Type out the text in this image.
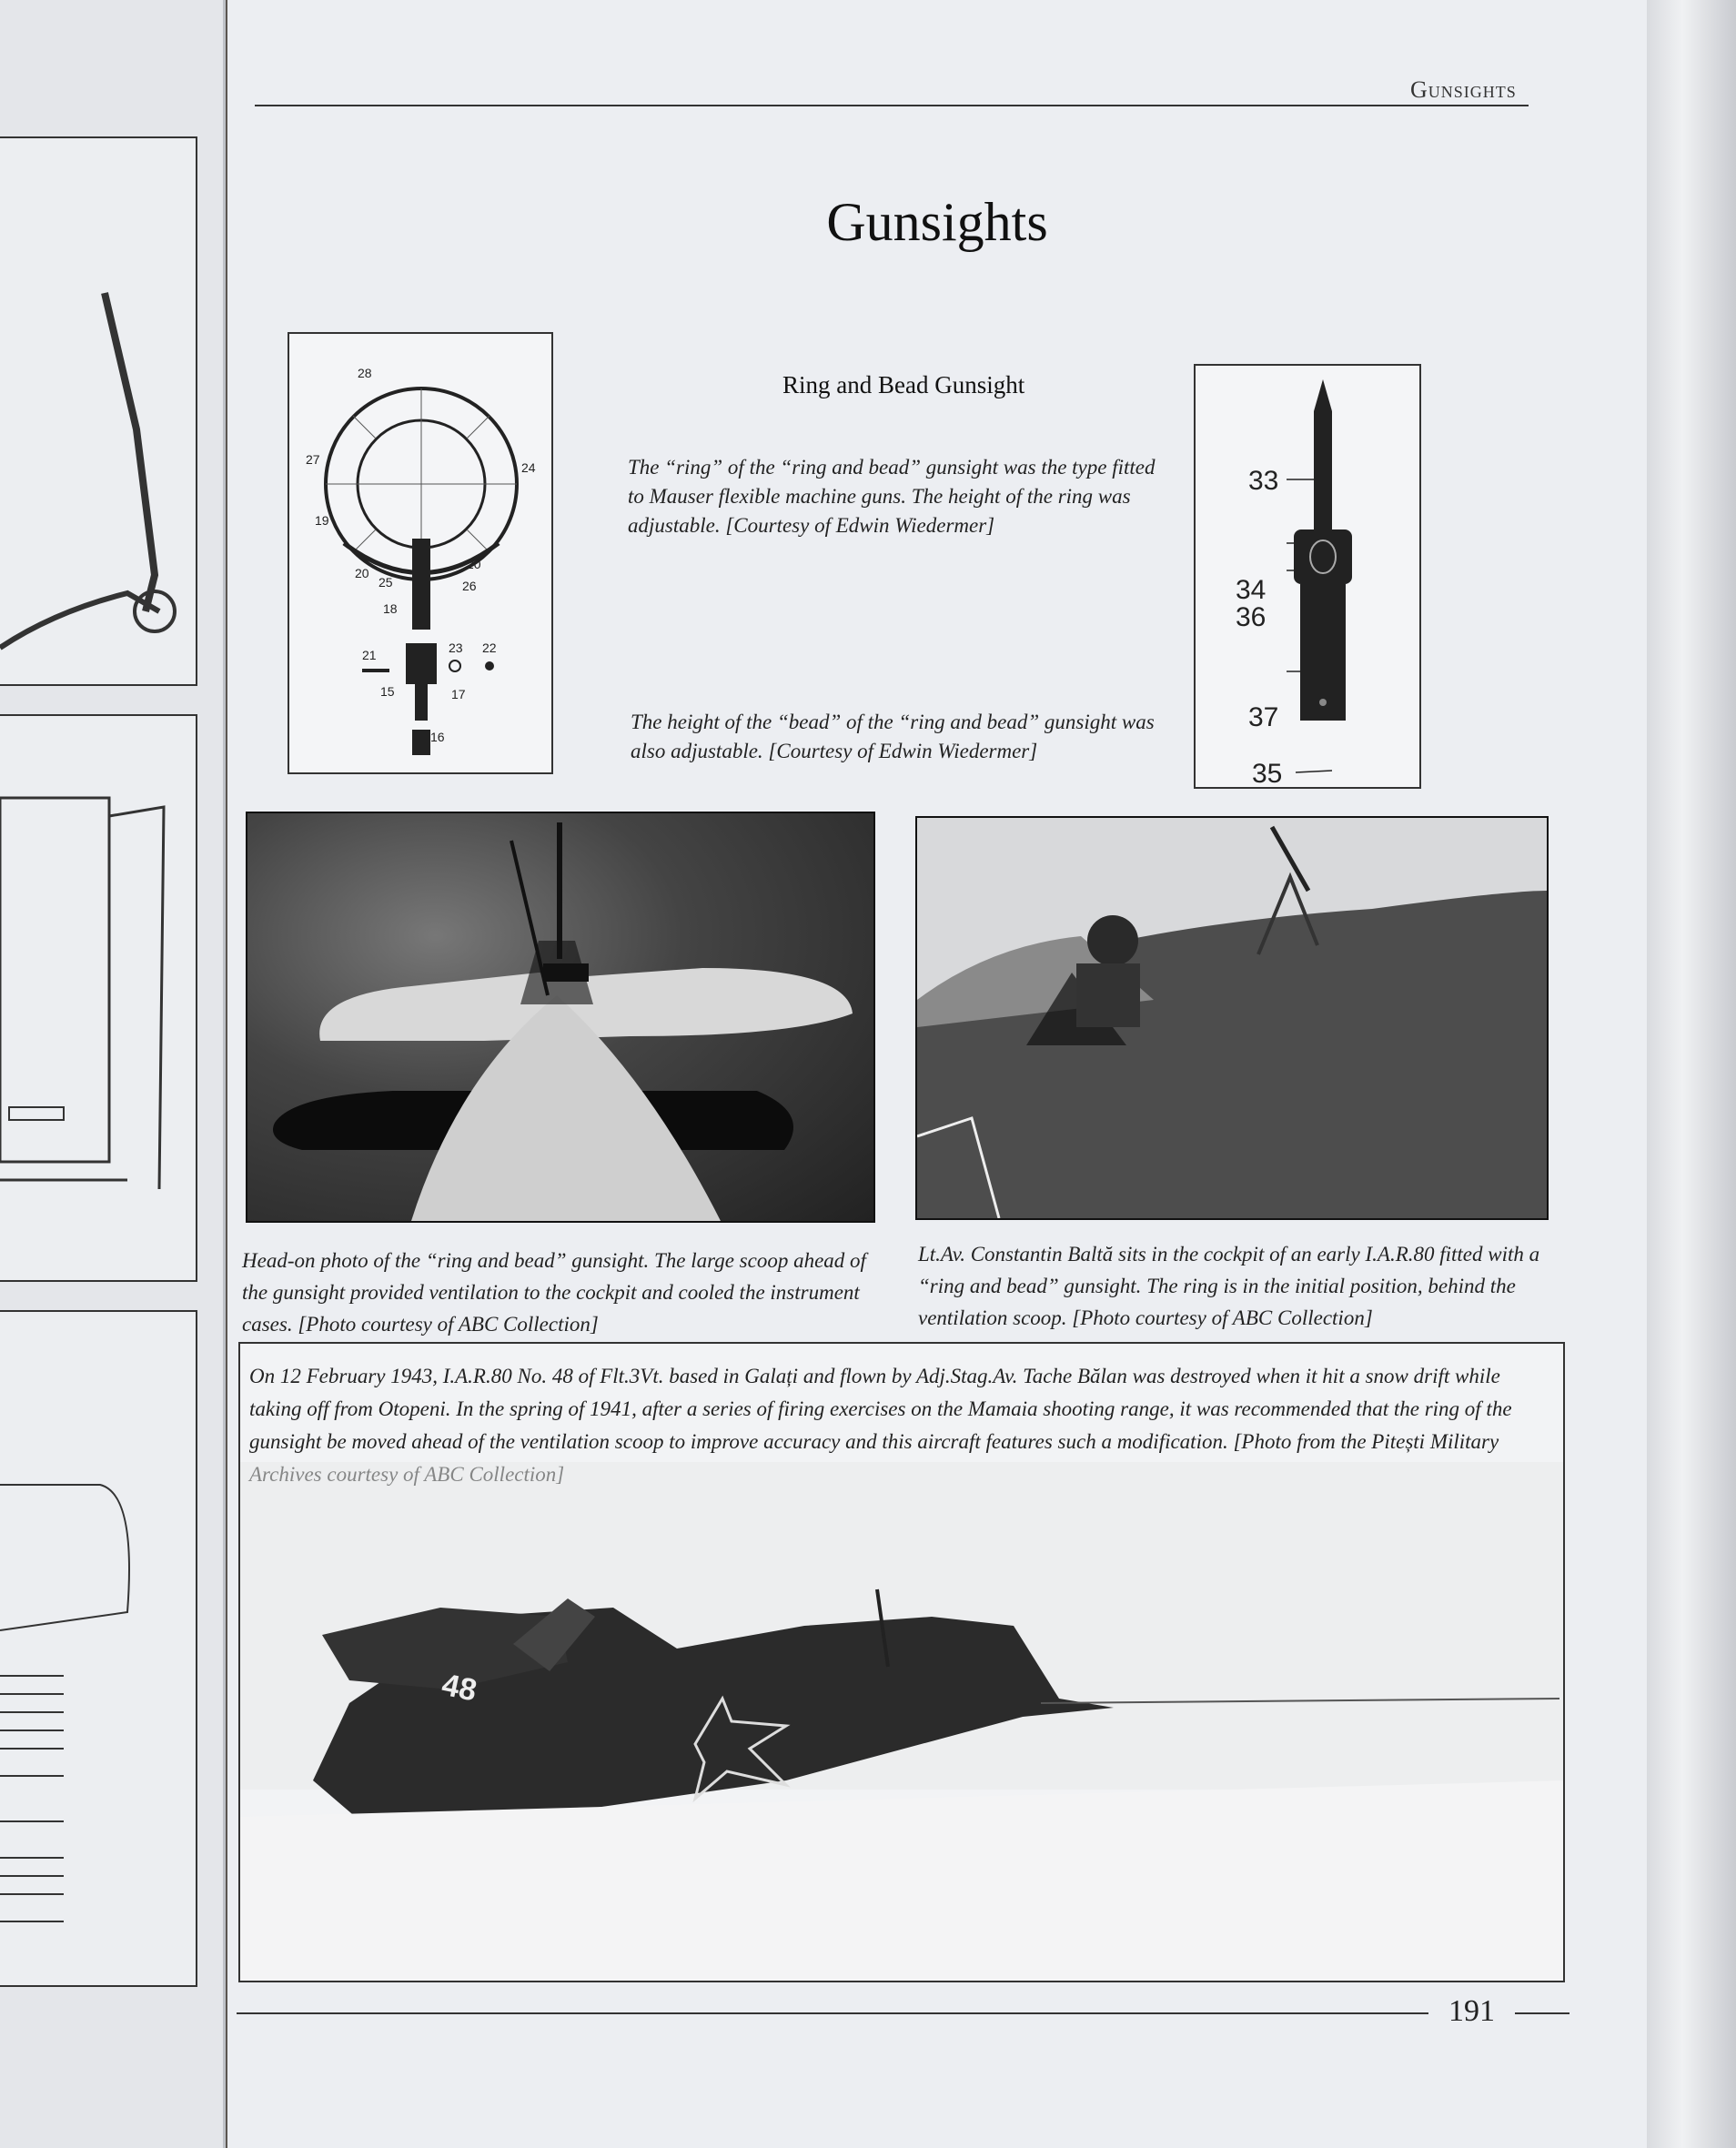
Gunsights
Gunsights
28
27
24
19
20
25
20
26
18
21	23 22
15	17
16
Ring and Bead Gunsight
The “ring” of the “ring and bead” gunsight was the type fitted to Mauser flexible machine guns. The height of the ring was adjustable. [Courtesy of Edwin Wiedermer]
The height of the “bead” of the “ring and bead” gunsight was also adjustable. [Courtesy of Edwin Wiedermer]
33
34
36
37
35
Head-on photo of the “ring and bead” gunsight. The large scoop ahead of the gunsight provided ventilation to the cockpit and cooled the instrument cases. [Photo courtesy of ABC Collection]
Lt.Av. Constantin Baltă sits in the cockpit of an early I.A.R.80 fitted with a “ring and bead” gunsight. The ring is in the initial position, behind the ventilation scoop. [Photo courtesy of ABC Collection]
On 12 February 1943, I.A.R.80 No. 48 of Flt.3Vt. based in Galați and flown by Adj.Stag.Av. Tache Bălan was destroyed when it hit a snow drift while taking off from Otopeni. In the spring of 1941, after a series of firing exercises on the Mamaia shooting range, it was recommended that the ring of the gunsight be moved ahead of the ventilation scoop to improve accuracy and this aircraft features such a modification. [Photo from the Pitești Military
48
191
